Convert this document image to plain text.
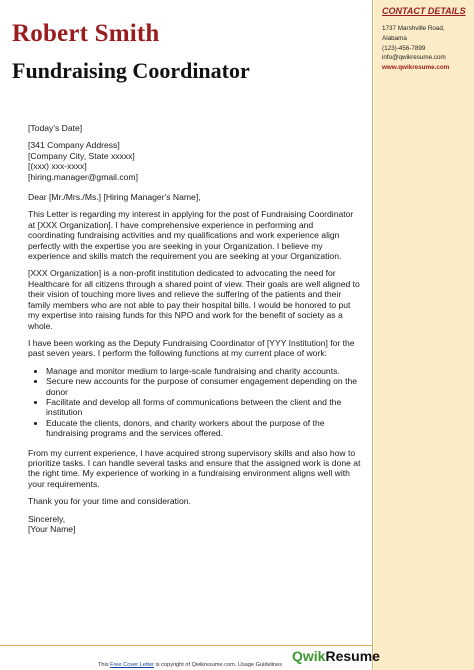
Robert Smith
Fundraising Coordinator
CONTACT DETAILS
1737 Marshville Road,
Alabama
(123)-456-7899
info@qwikresume.com
www.qwikresume.com

[Today's Date]

[341 Company Address]
[Company City, State xxxxx]
[(xxx) xxx-xxxx]
[hiring.manager@gmail.com]

Dear [Mr./Mrs./Ms.] [Hiring Manager's Name],

This Letter is regarding my interest in applying for the post of Fundraising Coordinator at [XXX Organization]. I have comprehensive experience in performing and coordinating fundraising activities and my qualifications and work experience align perfectly with the expertise you are seeking in your Organization. I believe my experience and skills match the requirement you are seeking at your Organization.

[XXX Organization] is a non-profit institution dedicated to advocating the need for Healthcare for all citizens through a shared point of view. Their goals are well aligned to their vision of touching more lives and relieve the suffering of the patients and their family members who are not able to pay their hospital bills. I would be honored to put my expertise into raising funds for this NPO and work for the benefit of society as a whole.

I have been working as the Deputy Fundraising Coordinator of [YYY Institution] for the past seven years. I perform the following functions at my current place of work:

• Manage and monitor medium to large-scale fundraising and charity accounts.
• Secure new accounts for the purpose of consumer engagement depending on the donor
• Facilitate and develop all forms of communications between the client and the institution
• Educate the clients, donors, and charity workers about the purpose of the fundraising programs and the services offered.

From my current experience, I have acquired strong supervisory skills and also how to prioritize tasks. I can handle several tasks and ensure that the assigned work is done at the right time. My experience of working in a fundraising environment aligns well with your requirements.

Thank you for your time and consideration.

Sincerely,
[Your Name]
QwikResume
This Free Cover Letter is copyright of Qwikresume.com. Usage Guidelines
